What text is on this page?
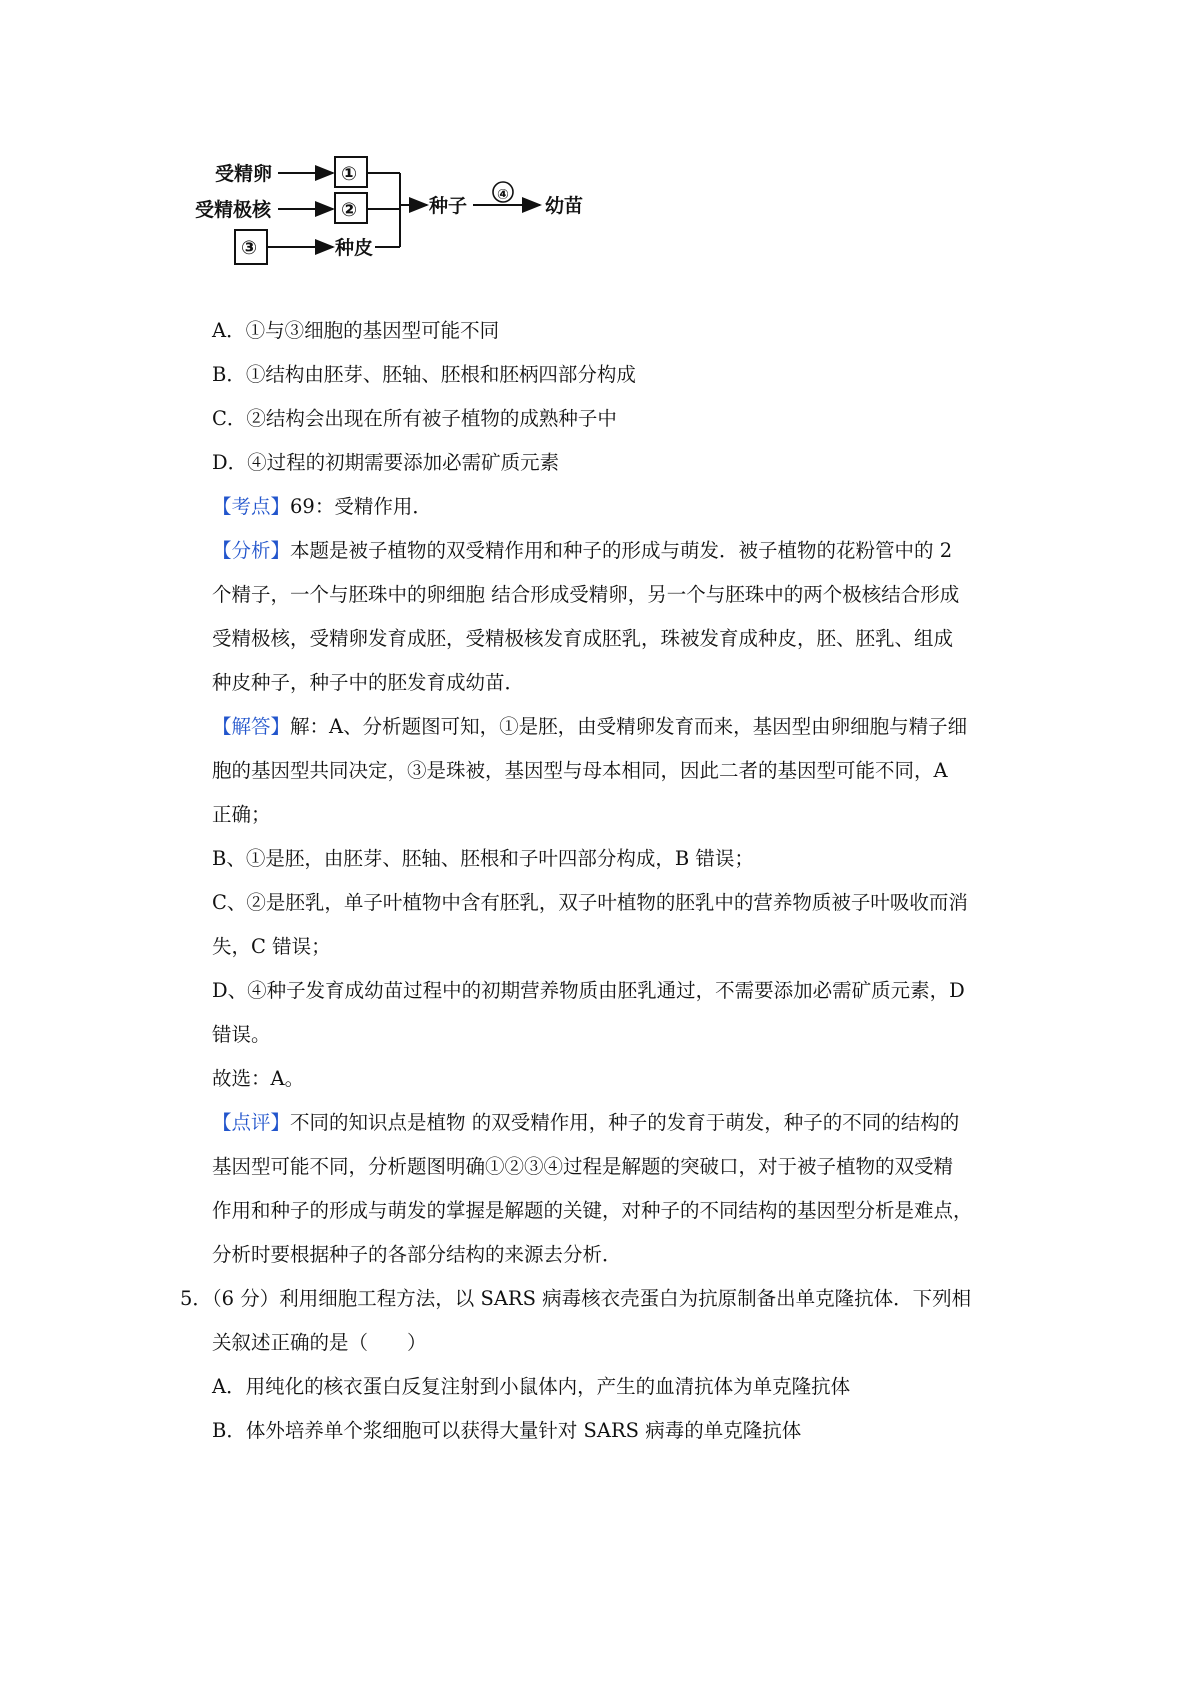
受精卵	①
受精极核	②
③	种皮
种子 ④ 幼苗
A．①与③细胞的基因型可能不同
B．①结构由胚芽、胚轴、胚根和胚柄四部分构成
C．②结构会出现在所有被子植物的成熟种子中
D．④过程的初期需要添加必需矿质元素
【考点】69：受精作用．
【分析】本题是被子植物的双受精作用和种子的形成与萌发．被子植物的花粉管中的 2
个精子，一个与胚珠中的卵细胞 结合形成受精卵，另一个与胚珠中的两个极核结合形成
受精极核，受精卵发育成胚，受精极核发育成胚乳，珠被发育成种皮，胚、胚乳、组成
种皮种子，种子中的胚发育成幼苗．
【解答】解：A、分析题图可知，①是胚，由受精卵发育而来，基因型由卵细胞与精子细
胞的基因型共同决定，③是珠被，基因型与母本相同，因此二者的基因型可能不同，A
正确；
B、①是胚，由胚芽、胚轴、胚根和子叶四部分构成，B 错误；
C、②是胚乳，单子叶植物中含有胚乳，双子叶植物的胚乳中的营养物质被子叶吸收而消
失，C 错误；
D、④种子发育成幼苗过程中的初期营养物质由胚乳通过，不需要添加必需矿质元素，D
错误。
故选：A。
【点评】不同的知识点是植物 的双受精作用，种子的发育于萌发，种子的不同的结构的
基因型可能不同，分析题图明确①②③④过程是解题的突破口，对于被子植物的双受精
作用和种子的形成与萌发的掌握是解题的关键，对种子的不同结构的基因型分析是难点，
分析时要根据种子的各部分结构的来源去分析．
5．（6 分）利用细胞工程方法，以 SARS 病毒核衣壳蛋白为抗原制备出单克隆抗体．下列相
关叙述正确的是（　　）
A．用纯化的核衣蛋白反复注射到小鼠体内，产生的血清抗体为单克隆抗体
B．体外培养单个浆细胞可以获得大量针对 SARS 病毒的单克隆抗体
